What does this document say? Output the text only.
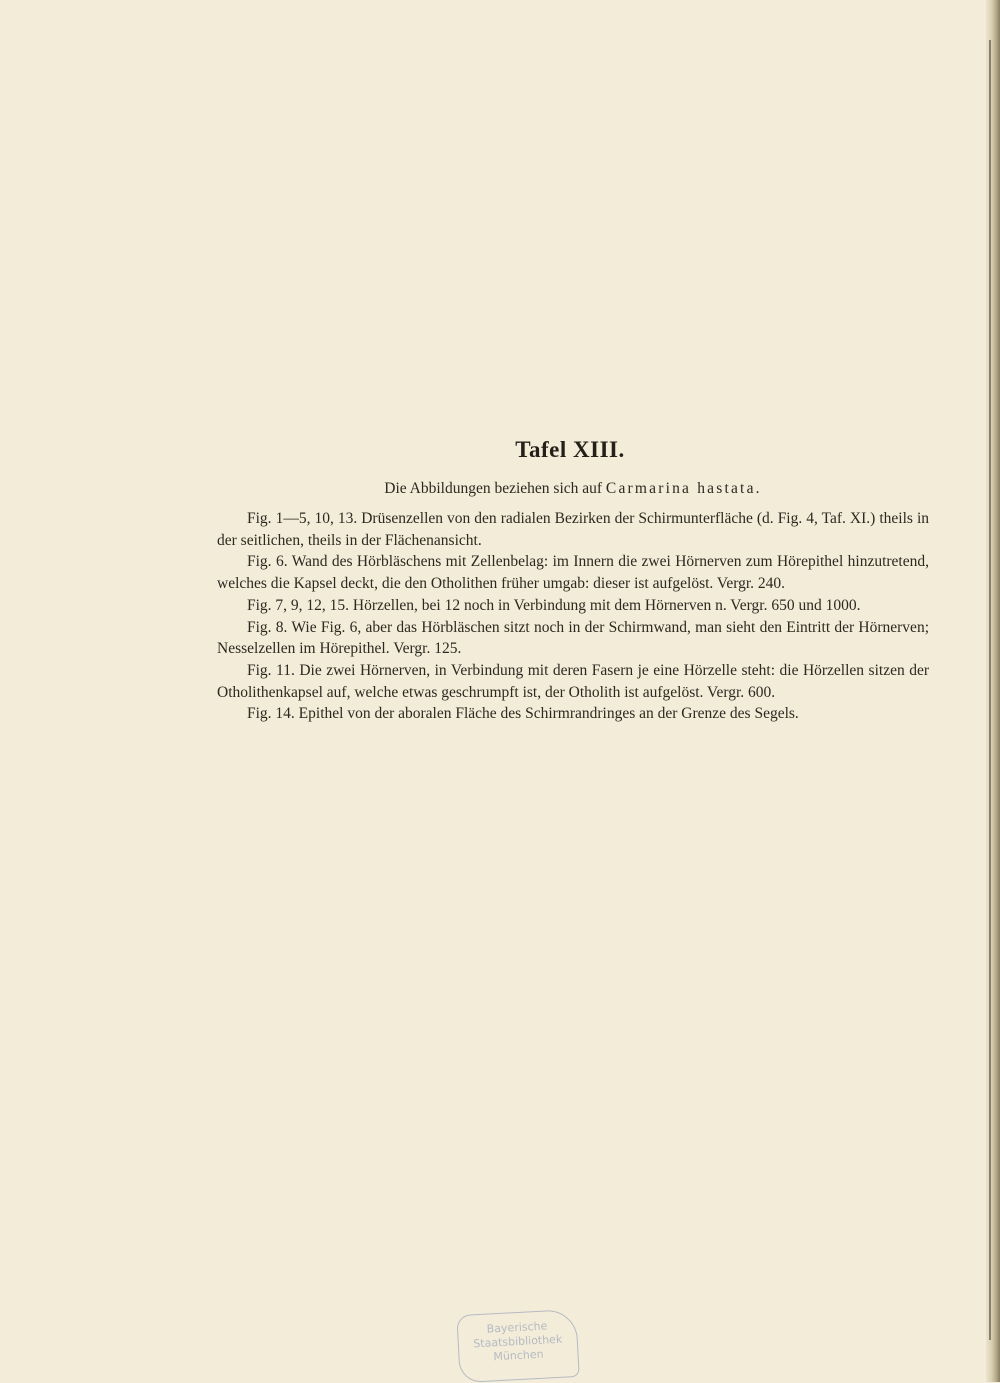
Tafel XIII.
Die Abbildungen beziehen sich auf Carmarina hastata.

Fig. 1—5, 10, 13. Drüsenzellen von den radialen Bezirken der Schirmunterfläche (d. Fig. 4, Taf. XI.) theils in der seitlichen, theils in der Flächenansicht.

Fig. 6. Wand des Hörbläschens mit Zellenbelag: im Innern die zwei Hörnerven zum Hörepithel hinzutretend, welches die Kapsel deckt, die den Otholithen früher umgab: dieser ist aufgelöst. Vergr. 240.

Fig. 7, 9, 12, 15. Hörzellen, bei 12 noch in Verbindung mit dem Hörnerven n. Vergr. 650 und 1000.

Fig. 8. Wie Fig. 6, aber das Hörbläschen sitzt noch in der Schirmwand, man sieht den Eintritt der Hörnerven; Nesselzellen im Hörepithel. Vergr. 125.

Fig. 11. Die zwei Hörnerven, in Verbindung mit deren Fasern je eine Hörzelle steht: die Hörzellen sitzen der Otholithenkapsel auf, welche etwas geschrumpft ist, der Otholith ist aufgelöst. Vergr. 600.

Fig. 14. Epithel von der aboralen Fläche des Schirmrandringes an der Grenze des Segels.

Bayerische
Staatsbibliothek
München
